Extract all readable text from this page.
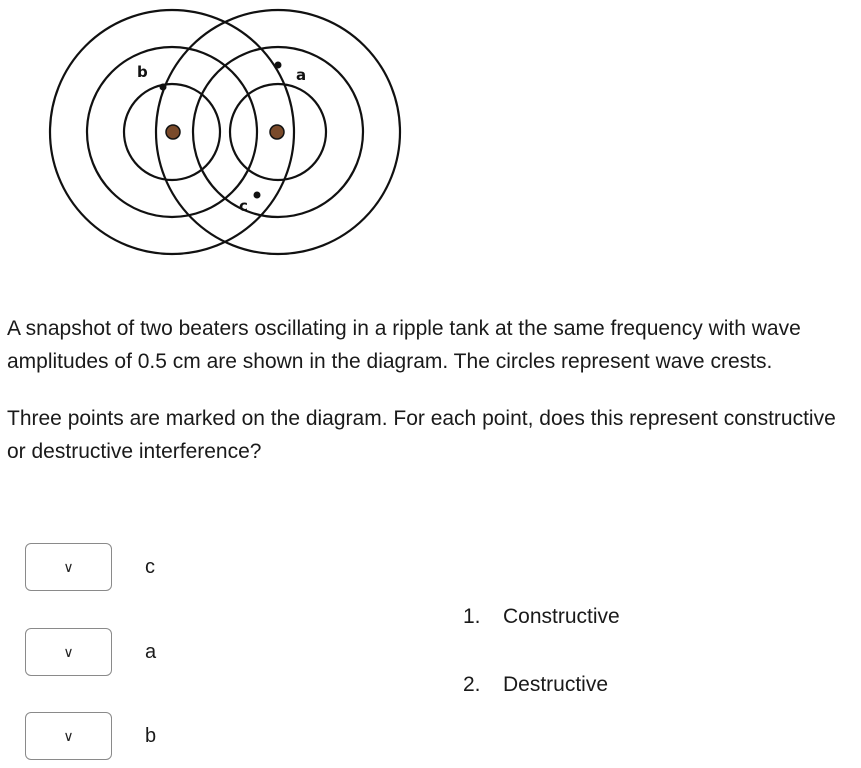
a
b
c

A snapshot of two beaters oscillating in a ripple tank at the same frequency with wave amplitudes of 0.5 cm are shown in the diagram. The circles represent wave crests.

Three points are marked on the diagram. For each point, does this represent constructive or destructive interference?

∨	c
∨	a
∨	b
1.	Constructive
2.	Destructive
